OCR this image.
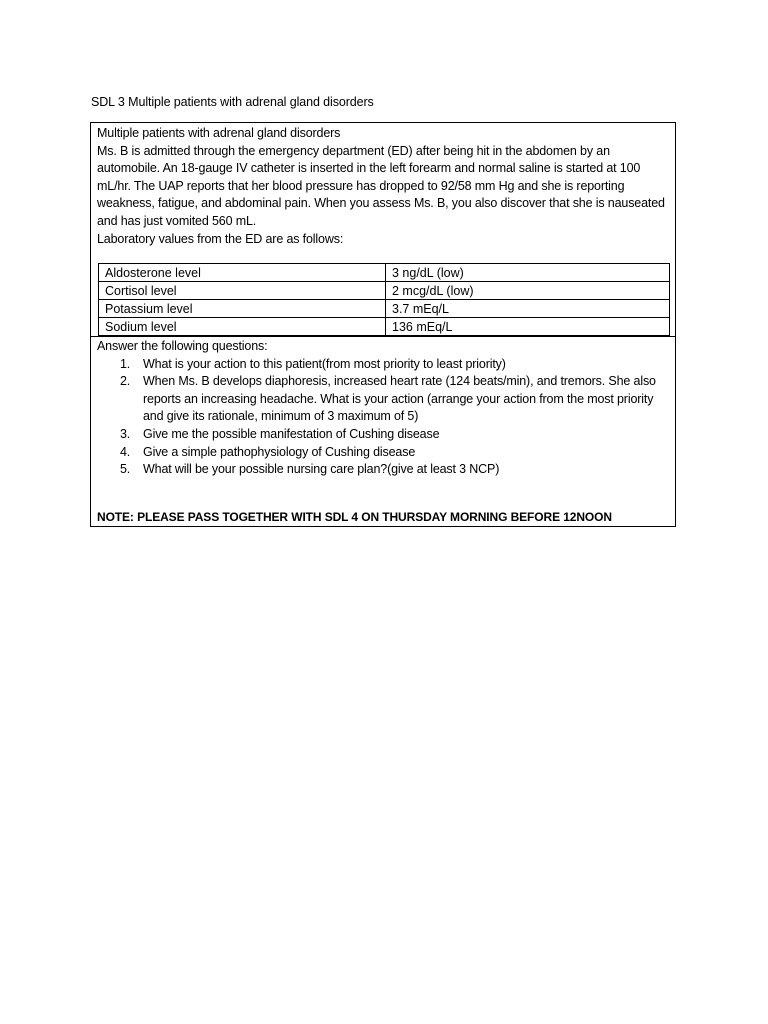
SDL 3 Multiple patients with adrenal gland disorders

Multiple patients with adrenal gland disorders

Ms. B is admitted through the emergency department (ED) after being hit in the abdomen by an automobile. An 18-gauge IV catheter is inserted in the left forearm and normal saline is started at 100 mL/hr. The UAP reports that her blood pressure has dropped to 92/58 mm Hg and she is reporting weakness, fatigue, and abdominal pain. When you assess Ms. B, you also discover that she is nauseated and has just vomited 560 mL.

Laboratory values from the ED are as follows:

Aldosterone level	3 ng/dL (low)
Cortisol level	2 mcg/dL (low)
Potassium level	3.7 mEq/L
Sodium level	136 mEq/L

Answer the following questions:

1. What is your action to this patient(from most priority to least priority)
2. When Ms. B develops diaphoresis, increased heart rate (124 beats/min), and tremors. She also reports an increasing headache. What is your action (arrange your action from the most priority and give its rationale, minimum of 3 maximum of 5)
3. Give me the possible manifestation of Cushing disease
4. Give a simple pathophysiology of Cushing disease
5. What will be your possible nursing care plan?(give at least 3 NCP)
NOTE: PLEASE PASS TOGETHER WITH SDL 4 ON THURSDAY MORNING BEFORE 12NOON
